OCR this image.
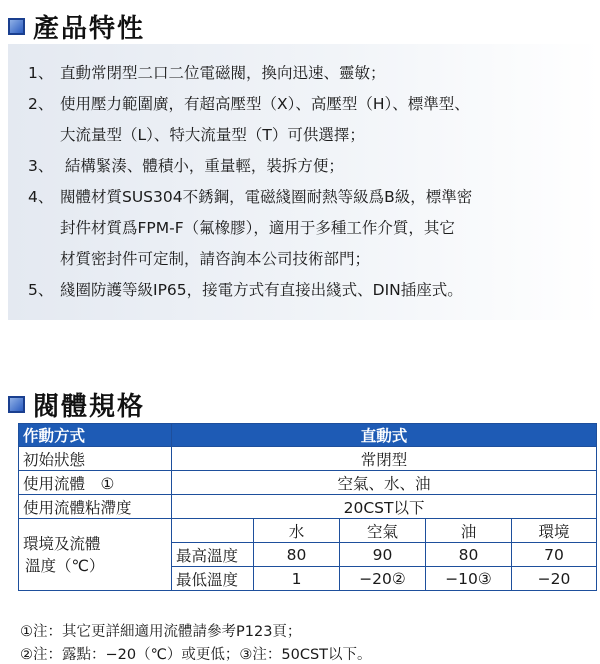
產品特性
1、 直動常閉型二口二位電磁閥，換向迅速、靈敏；
2、 使用壓力範圍廣，有超高壓型（X）、高壓型（H）、標準型、
大流量型（L）、特大流量型（T）可供選擇；
3、 結構緊湊、體積小，重量輕，裝拆方便；
4、 閥體材質SUS304不銹鋼，電磁綫圈耐熱等級爲B級，標準密
封件材質爲FPM-F（氟橡膠），適用于多種工作介質，其它
材質密封件可定制，請咨詢本公司技術部門；
5、 綫圈防護等級IP65，接電方式有直接出綫式、DIN插座式。
閥體規格
作動方式	直動式				
初始狀態	常閉型				
使用流體　①	空氣、水、油				
使用流體粘滯度	20CST以下				

環境及流體
溫度（℃）		水	空氣	油	環境
	最高溫度	80	90	80	70
	最低溫度	1	−20②	−10③	−20
①注：其它更詳細適用流體請參考P123頁；
②注：露點：−20（℃）或更低；③注：50CST以下。
